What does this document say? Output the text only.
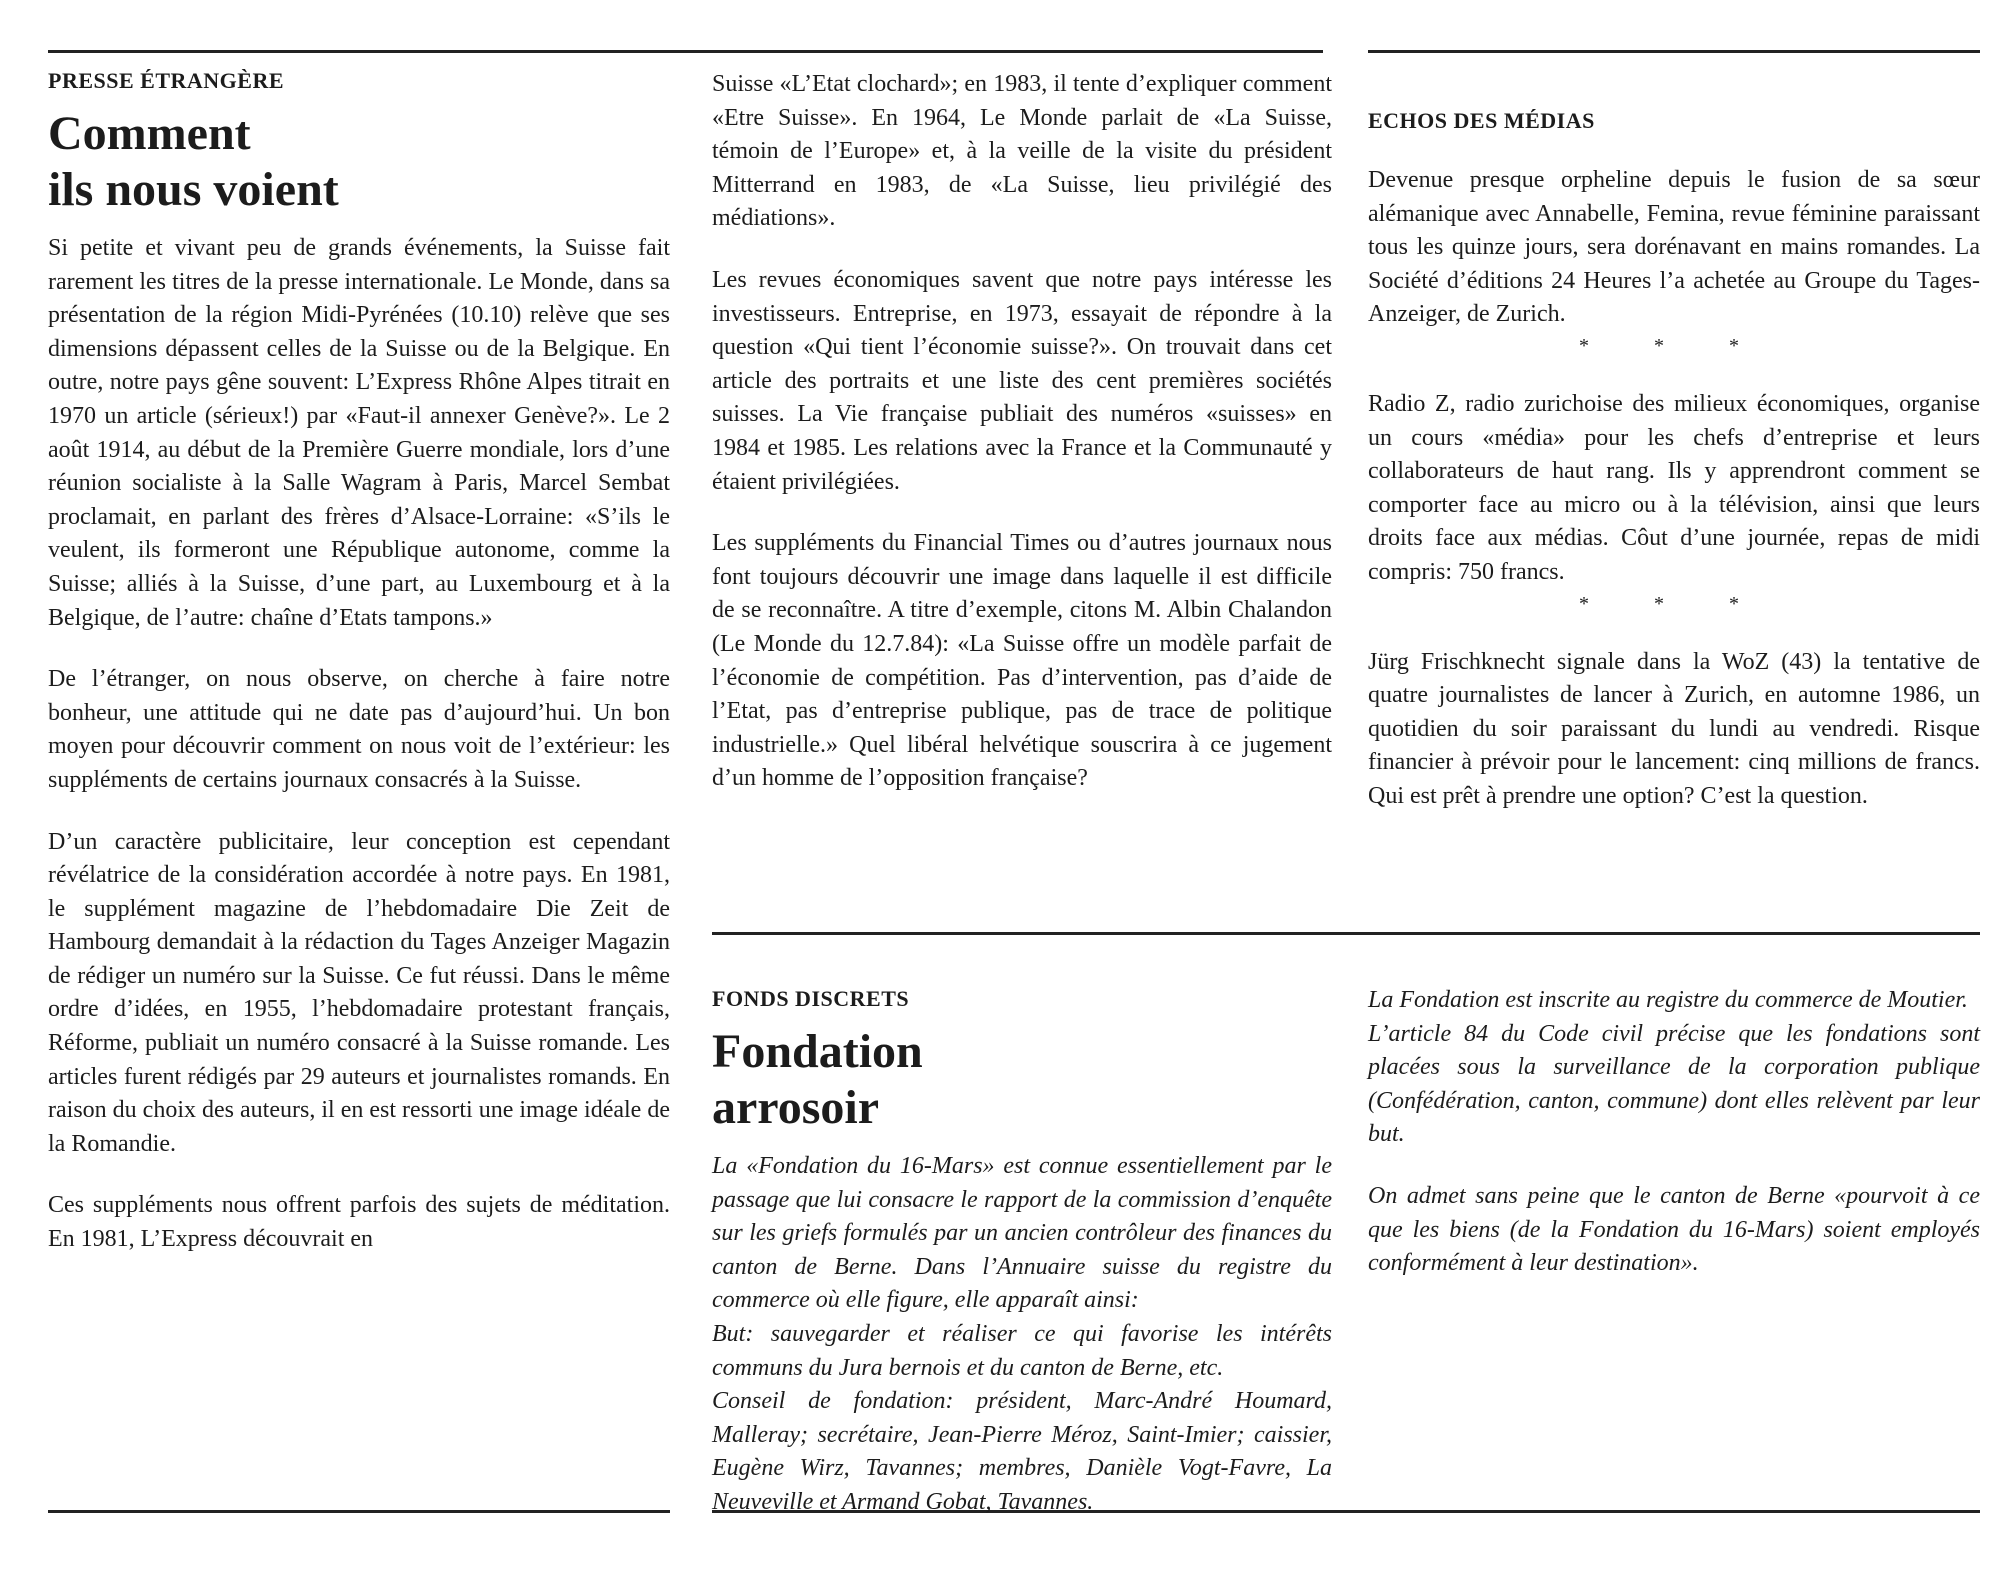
PRESSE ÉTRANGÈRE
Comment
ils nous voient

Si petite et vivant peu de grands événements, la Suisse fait rarement les titres de la presse internationale. Le Monde, dans sa présentation de la région Midi-Pyrénées (10.10) relève que ses dimensions dépassent celles de la Suisse ou de la Belgique. En outre, notre pays gêne souvent: L’Express Rhône Alpes titrait en 1970 un article (sérieux!) par «Faut-il annexer Genève?». Le 2 août 1914, au début de la Première Guerre mondiale, lors d’une réunion socialiste à la Salle Wagram à Paris, Marcel Sembat proclamait, en parlant des frères d’Alsace-Lorraine: «S’ils le veulent, ils formeront une République autonome, comme la Suisse; alliés à la Suisse, d’une part, au Luxembourg et à la Belgique, de l’autre: chaîne d’Etats tampons.»

De l’étranger, on nous observe, on cherche à faire notre bonheur, une attitude qui ne date pas d’aujourd’hui. Un bon moyen pour découvrir comment on nous voit de l’extérieur: les suppléments de certains journaux consacrés à la Suisse.

D’un caractère publicitaire, leur conception est cependant révélatrice de la considération accordée à notre pays. En 1981, le supplément magazine de l’hebdomadaire Die Zeit de Hambourg demandait à la rédaction du Tages Anzeiger Magazin de rédiger un numéro sur la Suisse. Ce fut réussi. Dans le même ordre d’idées, en 1955, l’hebdomadaire protestant français, Réforme, publiait un numéro consacré à la Suisse romande. Les articles furent rédigés par 29 auteurs et journalistes romands. En raison du choix des auteurs, il en est ressorti une image idéale de la Romandie.

Ces suppléments nous offrent parfois des sujets de méditation. En 1981, L’Express découvrait en

Suisse «L’Etat clochard»; en 1983, il tente d’expliquer comment «Etre Suisse». En 1964, Le Monde parlait de «La Suisse, témoin de l’Europe» et, à la veille de la visite du président Mitterrand en 1983, de «La Suisse, lieu privilégié des médiations».

Les revues économiques savent que notre pays intéresse les investisseurs. Entreprise, en 1973, essayait de répondre à la question «Qui tient l’économie suisse?». On trouvait dans cet article des portraits et une liste des cent premières sociétés suisses. La Vie française publiait des numéros «suisses» en 1984 et 1985. Les relations avec la France et la Communauté y étaient privilégiées.

Les suppléments du Financial Times ou d’autres journaux nous font toujours découvrir une image dans laquelle il est difficile de se reconnaître. A titre d’exemple, citons M. Albin Chalandon (Le Monde du 12.7.84): «La Suisse offre un modèle parfait de l’économie de compétition. Pas d’intervention, pas d’aide de l’Etat, pas d’entreprise publique, pas de trace de politique industrielle.» Quel libéral helvétique souscrira à ce jugement d’un homme de l’opposition française?

ECHOS DES MÉDIAS

Devenue presque orpheline depuis le fusion de sa sœur alémanique avec Annabelle, Femina, revue féminine paraissant tous les quinze jours, sera dorénavant en mains romandes. La Société d’éditions 24 Heures l’a achetée au Groupe du Tages-Anzeiger, de Zurich.

* * *

Radio Z, radio zurichoise des milieux économiques, organise un cours «média» pour les chefs d’entreprise et leurs collaborateurs de haut rang. Ils y apprendront comment se comporter face au micro ou à la télévision, ainsi que leurs droits face aux médias. Côut d’une journée, repas de midi compris: 750 francs.

* * *

Jürg Frischknecht signale dans la WoZ (43) la tentative de quatre journalistes de lancer à Zurich, en automne 1986, un quotidien du soir paraissant du lundi au vendredi. Risque financier à prévoir pour le lancement: cinq millions de francs. Qui est prêt à prendre une option? C’est la question.

FONDS DISCRETS
Fondation
arrosoir

La «Fondation du 16-Mars» est connue essentiellement par le passage que lui consacre le rapport de la commission d’enquête sur les griefs formulés par un ancien contrôleur des finances du canton de Berne. Dans l’Annuaire suisse du registre du commerce où elle figure, elle apparaît ainsi:

But: sauvegarder et réaliser ce qui favorise les intérêts communs du Jura bernois et du canton de Berne, etc.

Conseil de fondation: président, Marc-André Houmard, Malleray; secrétaire, Jean-Pierre Méroz, Saint-Imier; caissier, Eugène Wirz, Tavannes; membres, Danièle Vogt-Favre, La Neuveville et Armand Gobat, Tavannes.

La Fondation est inscrite au registre du commerce de Moutier.

L’article 84 du Code civil précise que les fondations sont placées sous la surveillance de la corporation publique (Confédération, canton, commune) dont elles relèvent par leur but.

On admet sans peine que le canton de Berne «pourvoit à ce que les biens (de la Fondation du 16-Mars) soient employés conformément à leur destination».
